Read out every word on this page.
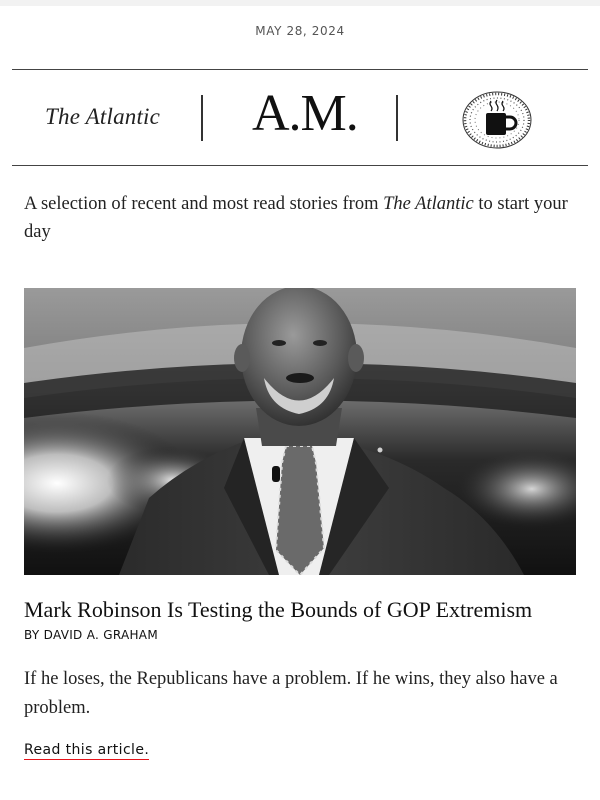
MAY 28, 2024
The Atlantic A.M.

A selection of recent and most read stories from The Atlantic to start your day

Mark Robinson Is Testing the Bounds of GOP Extremism
BY DAVID A. GRAHAM

If he loses, the Republicans have a problem. If he wins, they also have a problem.

Read this article.
